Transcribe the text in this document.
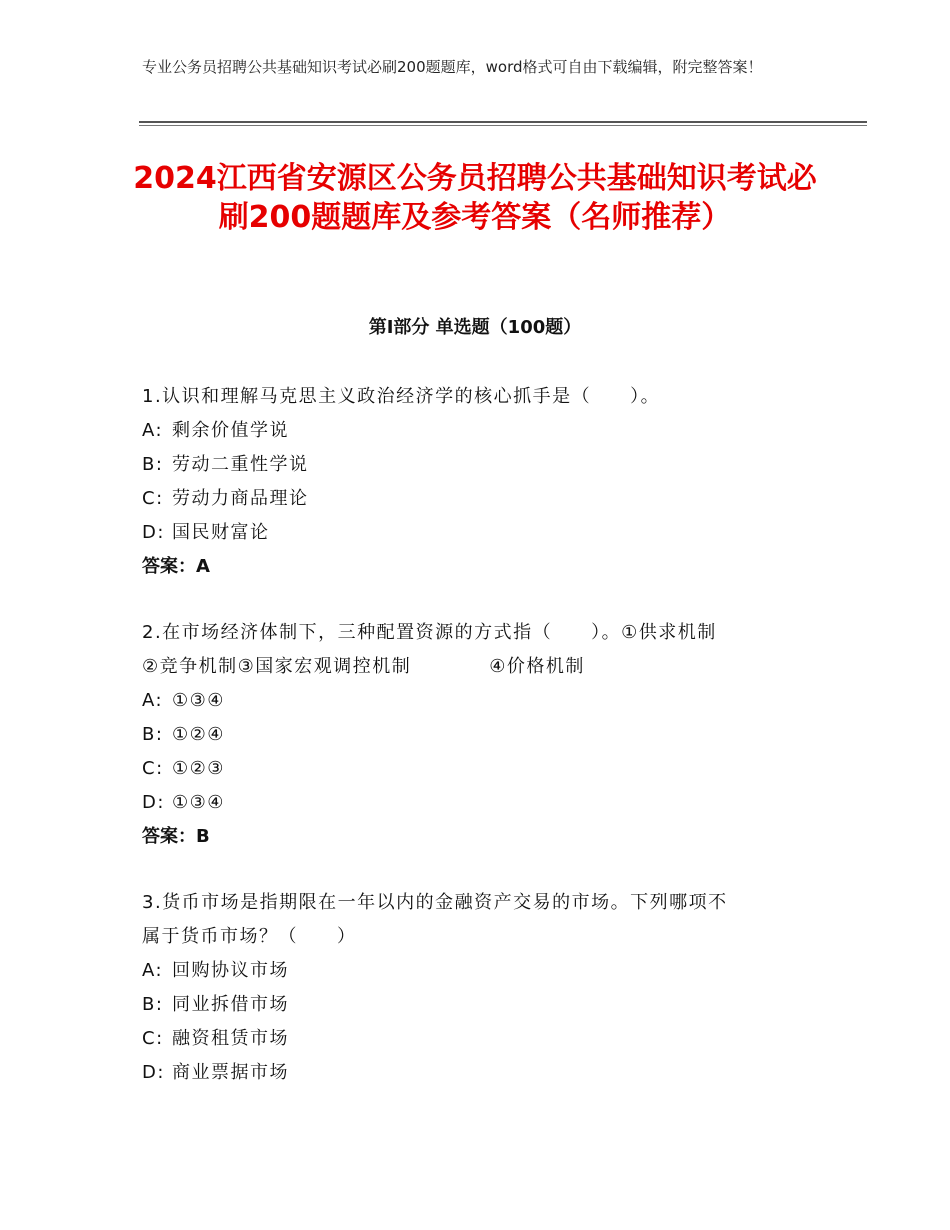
专业公务员招聘公共基础知识考试必刷200题题库，word格式可自由下载编辑，附完整答案！
2024江西省安源区公务员招聘公共基础知识考试必刷200题题库及参考答案（名师推荐）
第Ⅰ部分 单选题（100题）
1.认识和理解马克思主义政治经济学的核心抓手是（　　）。
A: 剩余价值学说
B: 劳动二重性学说
C: 劳动力商品理论
D: 国民财富论
答案：A
2.在市场经济体制下，三种配置资源的方式指（　　）。①供求机制
②竞争机制③国家宏观调控机制　　　　④价格机制
A: ①③④
B: ①②④
C: ①②③
D: ①③④
答案：B
3.货币市场是指期限在一年以内的金融资产交易的市场。下列哪项不
属于货币市场？（　　）
A: 回购协议市场
B: 同业拆借市场
C: 融资租赁市场
D: 商业票据市场
